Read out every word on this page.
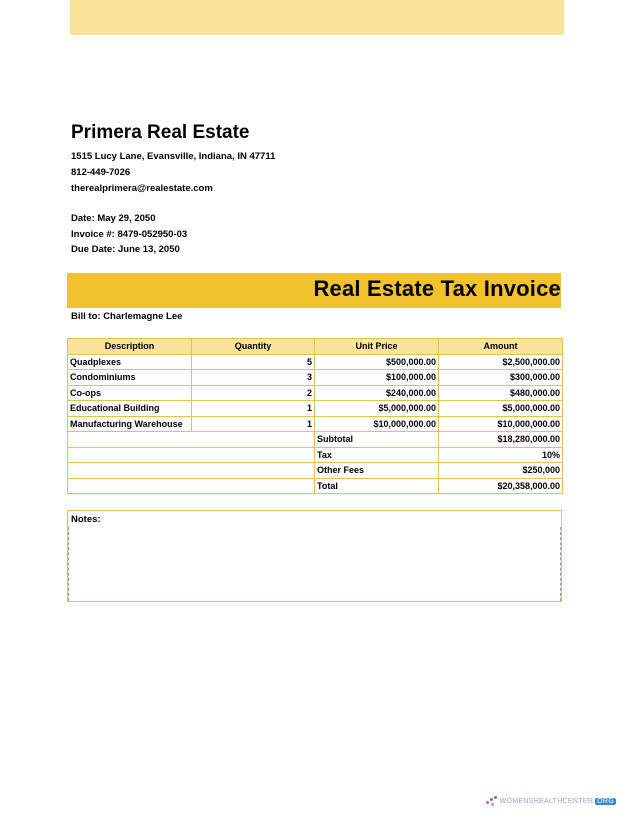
Primera Real Estate
1515 Lucy Lane, Evansville, Indiana, IN 47711
812-449-7026
therealprimera@realestate.com
Date: May 29, 2050
Invoice #: 8479-052950-03
Due Date: June 13, 2050
Real Estate Tax Invoice
Bill to: Charlemagne Lee
Description	Quantity	Unit Price	Amount
Quadplexes	5	$500,000.00	$2,500,000.00
Condominiums	3	$100,000.00	$300,000.00
Co-ops	2	$240,000.00	$480,000.00
Educational Building	1	$5,000,000.00	$5,000,000.00
Manufacturing Warehouse	1	$10,000,000.00	$10,000,000.00
		Subtotal	$18,280,000.00
		Tax	10%
		Other Fees	$250,000
		Total	$20,358,000.00
Notes:
WOMENSHEALTHCENTER ORG
